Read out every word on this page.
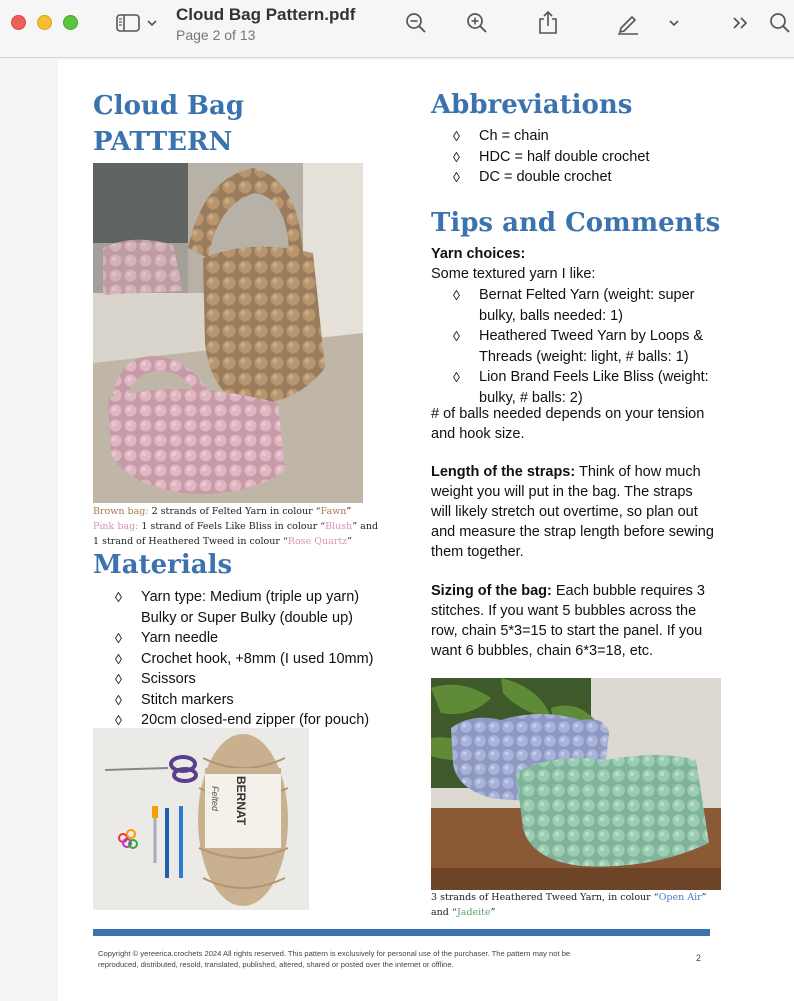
Cloud Bag Pattern.pdf
Page 2 of 13
Cloud Bag
PATTERN
Brown bag: 2 strands of Felted Yarn in colour “Fawn”
Pink bag: 1 strand of Feels Like Bliss in colour “Blush” and
1 strand of Heathered Tweed in colour “Rose Quartz”
Materials
◊ Yarn type: Medium (triple up yarn)
Bulky or Super Bulky (double up)
◊ Yarn needle
◊ Crochet hook, +8mm (I used 10mm)
◊ Scissors
◊ Stitch markers
◊ 20cm closed-end zipper (for pouch)
BERNAT
Felted
Abbreviations
◊ Ch = chain
◊ HDC = half double crochet
◊ DC = double crochet
Tips and Comments
Yarn choices:
Some textured yarn I like:
◊ Bernat Felted Yarn (weight: super
bulky, balls needed: 1)
◊ Heathered Tweed Yarn by Loops &
Threads (weight: light, # balls: 1)
◊ Lion Brand Feels Like Bliss (weight:
bulky, # balls: 2)
# of balls needed depends on your tension
and hook size.
Length of the straps: Think of how much
weight you will put in the bag. The straps
will likely stretch out overtime, so plan out
and measure the strap length before sewing
them together.
Sizing of the bag: Each bubble requires 3
stitches. If you want 5 bubbles across the
row, chain 5*3=15 to start the panel. If you
want 6 bubbles, chain 6*3=18, etc.
3 strands of Heathered Tweed Yarn, in colour “Open Air”
and “Jadeite”
Copyright © yereerica.crochets 2024 All rights reserved. This pattern is exclusively for personal use of the purchaser. The pattern may not be
reproduced, distributed, resold, translated, published, altered, shared or posted over the internet or offline.
2
